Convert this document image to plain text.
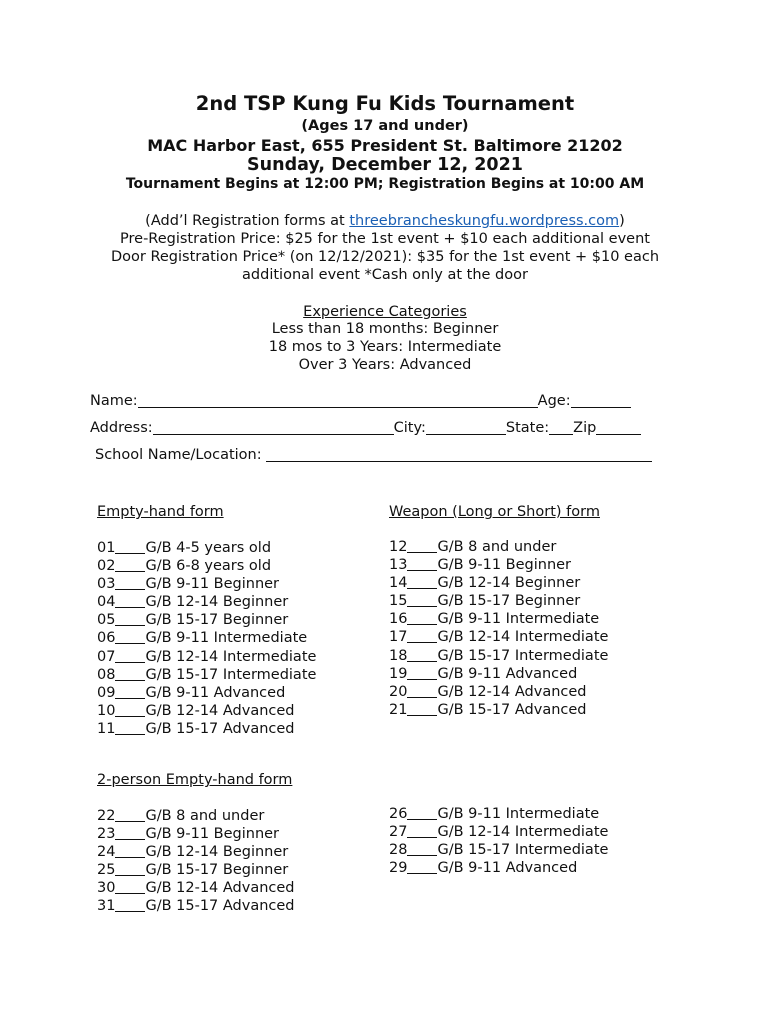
2nd TSP Kung Fu Kids Tournament
(Ages 17 and under)
MAC Harbor East, 655 President St. Baltimore 21202
Sunday, December 12, 2021
Tournament Begins at 12:00 PM; Registration Begins at 10:00 AM
(Add’l Registration forms at threebrancheskungfu.wordpress.com)
Pre-Registration Price: $25 for the 1st event + $10 each additional event
Door Registration Price* (on 12/12/2021): $35 for the 1st event + $10 each
additional event *Cash only at the door
Experience Categories
Less than 18 months: Beginner
18 mos to 3 Years: Intermediate
Over 3 Years: Advanced
Name:	Age:
Address:	City:	State: Zip
School Name/Location:
Empty-hand form
01 G/B 4-5 years old
02 G/B 6-8 years old
03 G/B 9-11 Beginner
04 G/B 12-14 Beginner
05 G/B 15-17 Beginner
06 G/B 9-11 Intermediate
07 G/B 12-14 Intermediate
08 G/B 15-17 Intermediate
09 G/B 9-11 Advanced
10 G/B 12-14 Advanced
11 G/B 15-17 Advanced
Weapon (Long or Short) form
12 G/B 8 and under
13 G/B 9-11 Beginner
14 G/B 12-14 Beginner
15 G/B 15-17 Beginner
16 G/B 9-11 Intermediate
17 G/B 12-14 Intermediate
18 G/B 15-17 Intermediate
19 G/B 9-11 Advanced
20 G/B 12-14 Advanced
21 G/B 15-17 Advanced
2-person Empty-hand form
22 G/B 8 and under
23 G/B 9-11 Beginner
24 G/B 12-14 Beginner
25 G/B 15-17 Beginner
30 G/B 12-14 Advanced
31 G/B 15-17 Advanced
26 G/B 9-11 Intermediate
27 G/B 12-14 Intermediate
28 G/B 15-17 Intermediate
29 G/B 9-11 Advanced
